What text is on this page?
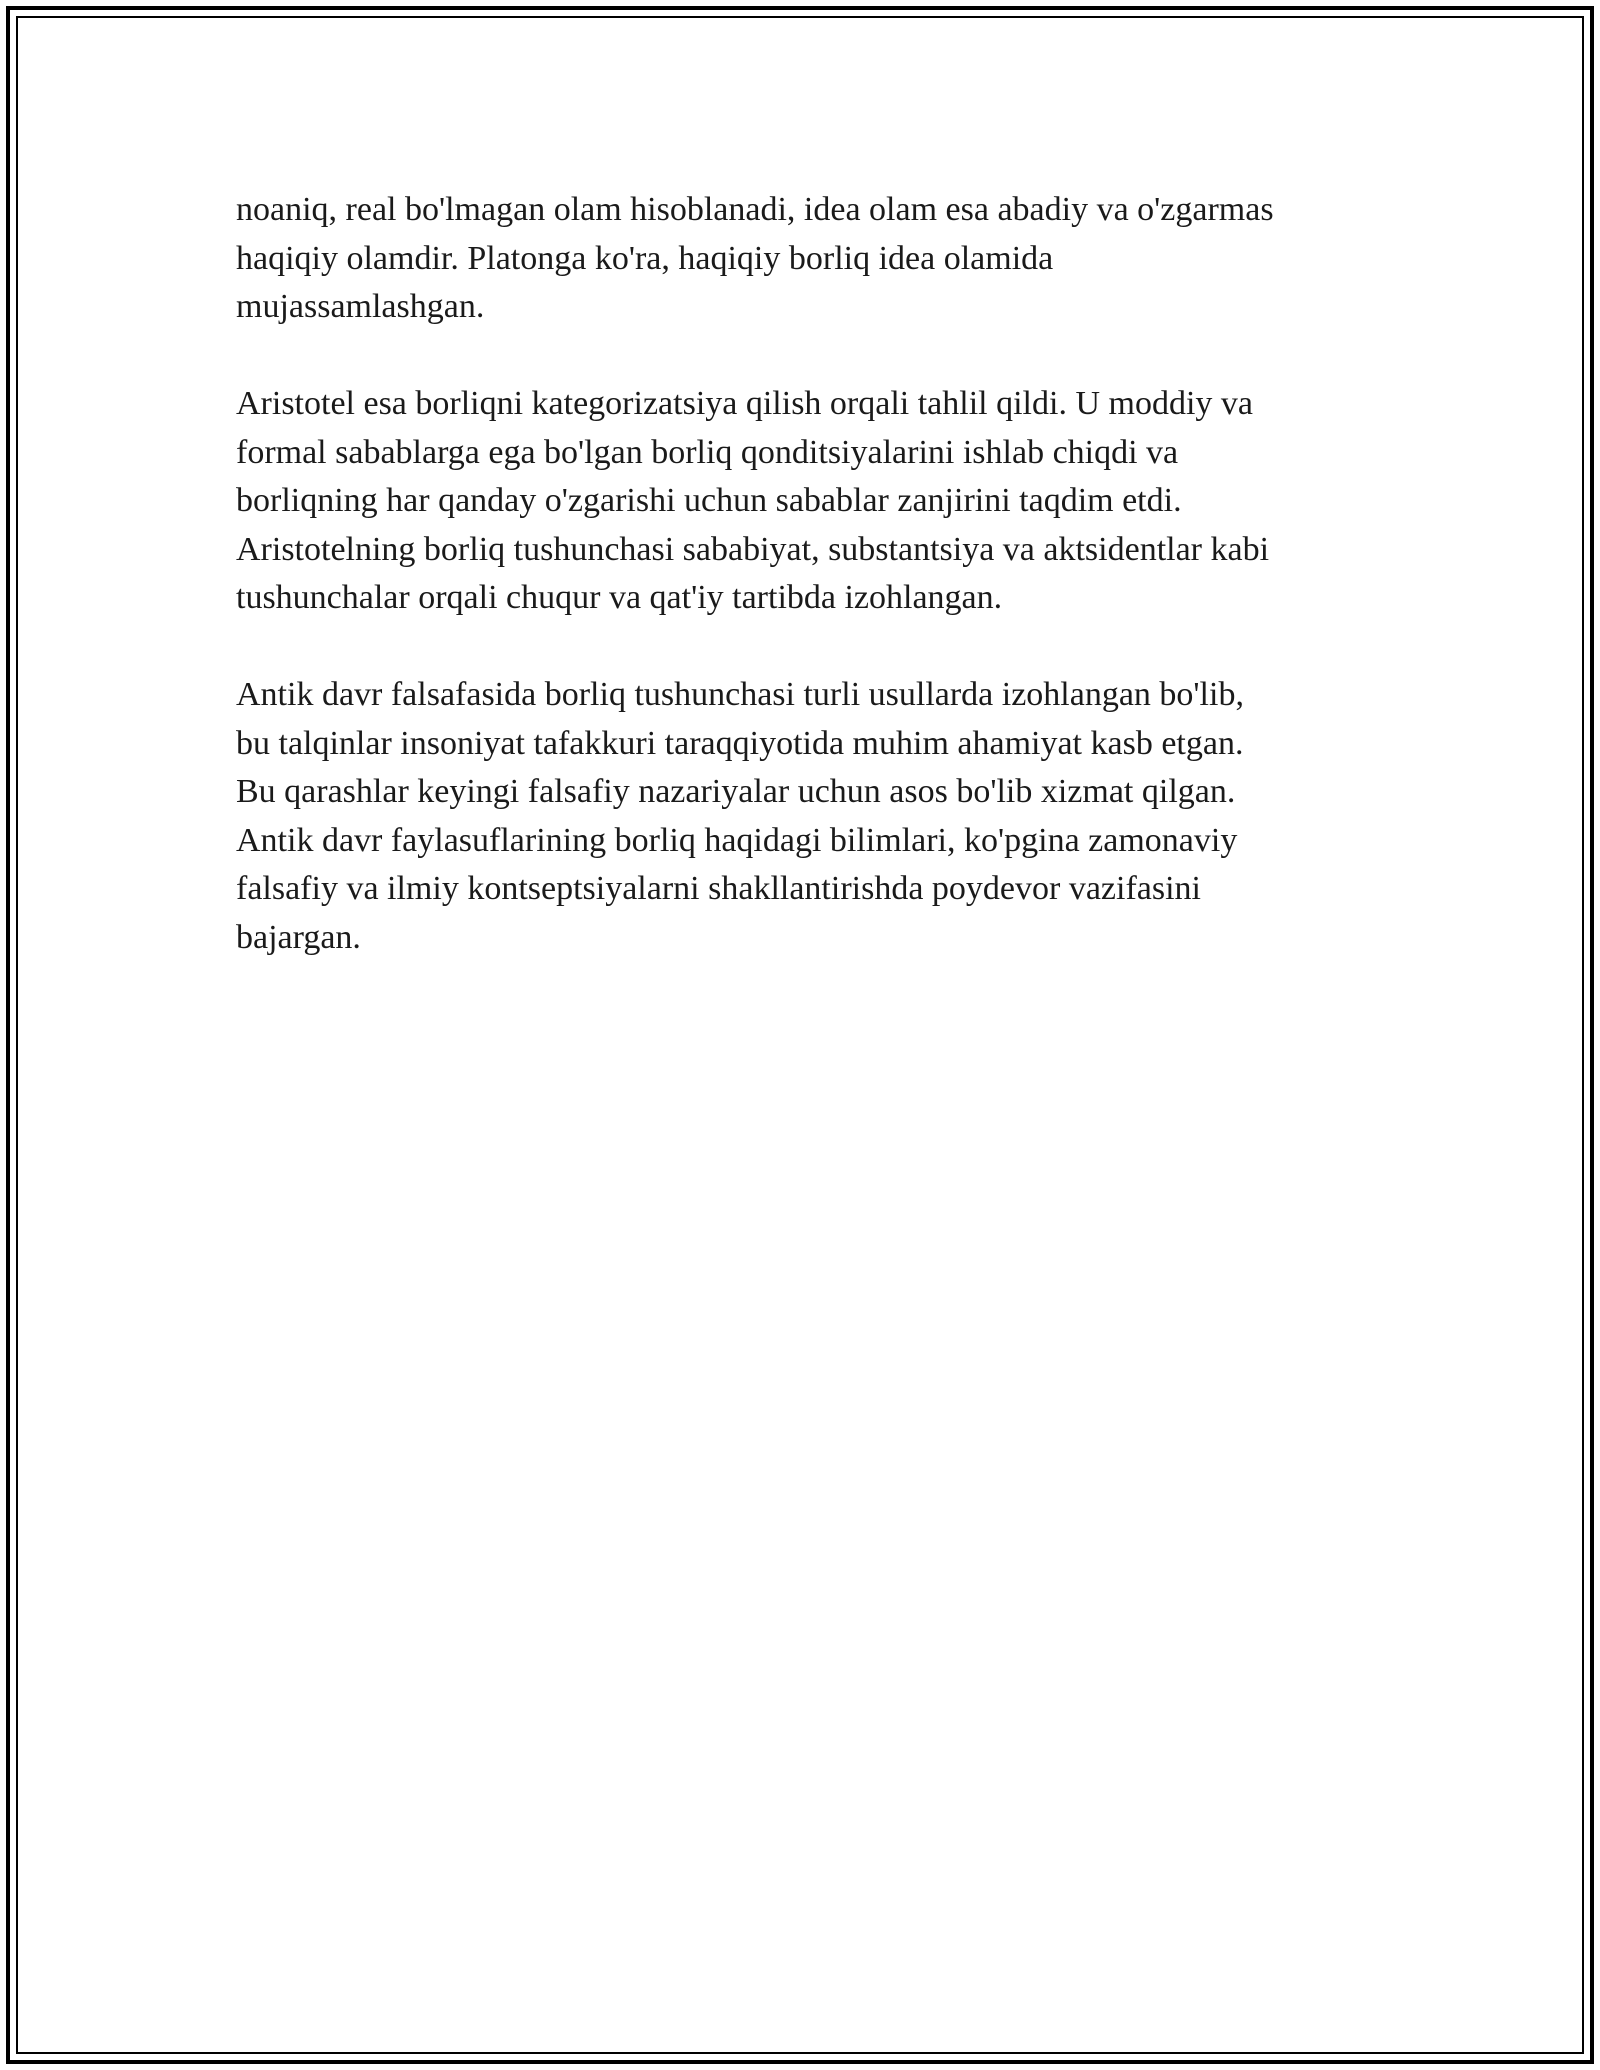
noaniq, real bo'lmagan olam hisoblanadi, idea olam esa abadiy va o'zgarmas
haqiqiy olamdir. Platonga ko'ra, haqiqiy borliq idea olamida
mujassamlashgan.

Aristotel esa borliqni kategorizatsiya qilish orqali tahlil qildi. U moddiy va
formal sabablarga ega bo'lgan borliq qonditsiyalarini ishlab chiqdi va
borliqning har qanday o'zgarishi uchun sabablar zanjirini taqdim etdi.
Aristotelning borliq tushunchasi sababiyat, substantsiya va aktsidentlar kabi
tushunchalar orqali chuqur va qat'iy tartibda izohlangan.

Antik davr falsafasida borliq tushunchasi turli usullarda izohlangan bo'lib,
bu talqinlar insoniyat tafakkuri taraqqiyotida muhim ahamiyat kasb etgan.
Bu qarashlar keyingi falsafiy nazariyalar uchun asos bo'lib xizmat qilgan.
Antik davr faylasuflarining borliq haqidagi bilimlari, ko'pgina zamonaviy
falsafiy va ilmiy kontseptsiyalarni shakllantirishda poydevor vazifasini
bajargan.
